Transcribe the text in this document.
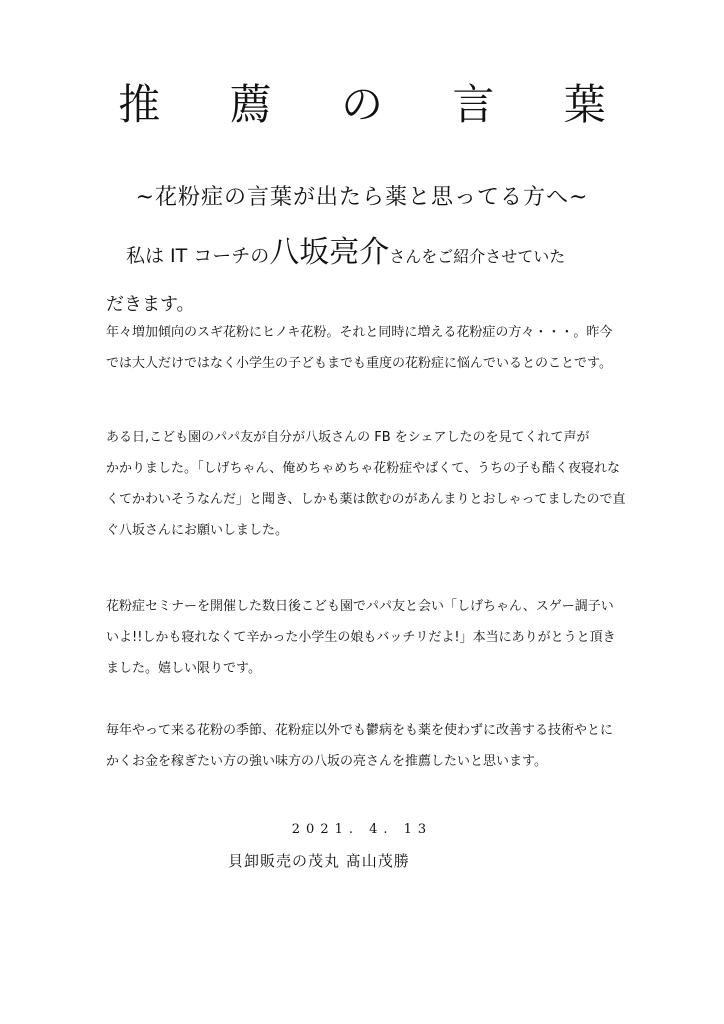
推 薦 の 言 葉
~花粉症の言葉が出たら薬と思ってる方へ~
私は IT コーチの八坂亮介さんをご紹介させていた
だきます。
年々増加傾向のスギ花粉にヒノキ花粉。それと同時に増える花粉症の方々・・・。昨今
では大人だけではなく小学生の子どもまでも重度の花粉症に悩んでいるとのことです。
ある日,こども園のパパ友が自分が八坂さんの FB をシェアしたのを見てくれて声が
かかりました。「しげちゃん、俺めちゃめちゃ花粉症やばくて、うちの子も酷く夜寝れな
くてかわいそうなんだ」と聞き、しかも薬は飲むのがあんまりとおしゃってましたので直
ぐ八坂さんにお願いしました。
花粉症セミナーを開催した数日後こども園でパパ友と会い「しげちゃん、スゲー調子い
いよ!!しかも寝れなくて辛かった小学生の娘もバッチリだよ!」本当にありがとうと頂き
ました。嬉しい限りです。
毎年やって来る花粉の季節、花粉症以外でも鬱病をも薬を使わずに改善する技術やとに
かくお金を稼ぎたい方の強い味方の八坂の亮さんを推薦したいと思います。
2021. 4. 13
貝卸販売の茂丸 髙山茂勝
